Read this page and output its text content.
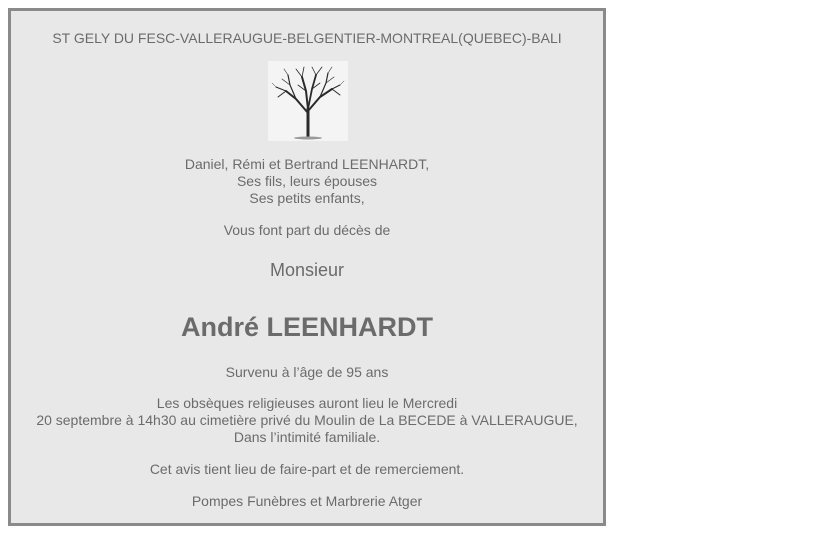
ST GELY DU FESC-VALLERAUGUE-BELGENTIER-MONTREAL(QUEBEC)-BALI
Daniel, Rémi et Bertrand LEENHARDT,
Ses fils, leurs épouses
Ses petits enfants,
Vous font part du décès de
Monsieur
André LEENHARDT
Survenu à l’âge de 95 ans
Les obsèques religieuses auront lieu le Mercredi
20 septembre à 14h30 au cimetière privé du Moulin de La BECEDE à VALLERAUGUE,
Dans l’intimité familiale.
Cet avis tient lieu de faire-part et de remerciement.
Pompes Funèbres et Marbrerie Atger
